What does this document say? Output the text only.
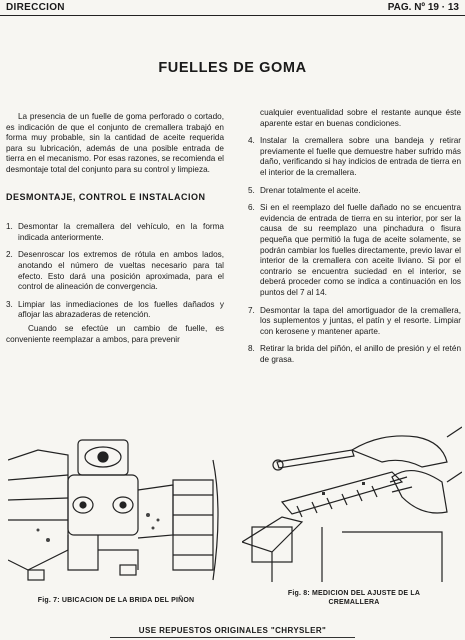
DIRECCION	PAG. Nº 19 · 13
FUELLES DE GOMA

La presencia de un fuelle de goma perforado o cortado, es indicación de que el conjunto de cremallera trabajó en forma muy probable, sin la cantidad de aceite requerida para su lubricación, además de una posible entrada de tierra en el mecanismo. Por esas razones, se recomienda el desmontaje total del conjunto para su control y limpieza.

DESMONTAJE, CONTROL E INSTALACION
1. Desmontar la cremallera del vehículo, en la forma indicada anteriormente.
2. Desenroscar los extremos de rótula en ambos lados, anotando el número de vueltas necesario para tal efecto. Esto dará una posición aproximada, para el control de alineación de convergencia.
3. Limpiar las inmediaciones de los fuelles dañados y aflojar las abrazaderas de retención.

Cuando se efectúe un cambio de fuelle, es conveniente reemplazar a ambos, para prevenir

cualquier eventualidad sobre el restante aunque éste aparente estar en buenas condiciones.

4. Instalar la cremallera sobre una bandeja y retirar previamente el fuelle que demuestre haber sufrido más daño, verificando si hay indicios de entrada de tierra en el interior de la cremallera.
5. Drenar totalmente el aceite.
6. Si en el reemplazo del fuelle dañado no se encuentra evidencia de entrada de tierra en su interior, por ser la causa de su reemplazo una pinchadura o fisura pequeña que permitió la fuga de aceite solamente, se podrán cambiar los fuelles directamente, previo lavar el interior de la cremallera con aceite liviano. Si por el contrario se encuentra suciedad en el interior, se deberá proceder como se indica a continuación en los puntos del 7 al 14.
7. Desmontar la tapa del amortiguador de la cremallera, los suplementos y juntas, el patín y el resorte. Limpiar con kerosene y mantener aparte.
8. Retirar la brida del piñón, el anillo de presión y el retén de grasa.
Fig. 7: UBICACION DE LA BRIDA DEL PIÑON
Fig. 8: MEDICION DEL AJUSTE DE LA
CREMALLERA
USE REPUESTOS ORIGINALES "CHRYSLER"
